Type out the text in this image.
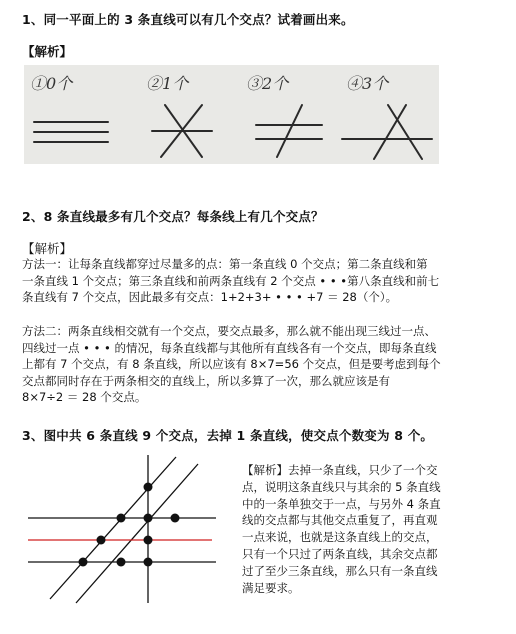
1、同一平面上的 3 条直线可以有几个交点？试着画出来。
【解析】
①0个	②1个	③2个	④3个
2、8 条直线最多有几个交点？每条线上有几个交点？
【解析】
方法一：让每条直线都穿过尽量多的点：第一条直线 0 个交点；第二条直线和第
一条直线 1 个交点；第三条直线和前两条直线有 2 个交点 • • •第八条直线和前七
条直线有 7 个交点，因此最多有交点：1+2+3+ • • • +7 ＝ 28（个）。
方法二：两条直线相交就有一个交点，要交点最多，那么就不能出现三线过一点、
四线过一点 • • • 的情况，每条直线都与其他所有直线各有一个交点，即每条直线
上都有 7 个交点，有 8 条直线，所以应该有 8×7=56 个交点，但是要考虑到每个
交点都同时存在于两条相交的直线上，所以多算了一次，那么就应该是有
8×7÷2 ＝ 28 个交点。
3、图中共 6 条直线 9 个交点，去掉 1 条直线，使交点个数变为 8 个。
【解析】去掉一条直线，只少了一个交
点，说明这条直线只与其余的 5 条直线
中的一条单独交于一点，与另外 4 条直
线的交点都与其他交点重复了，再直观
一点来说，也就是这条直线上的交点，
只有一个只过了两条直线，其余交点都
过了至少三条直线，那么只有一条直线
满足要求。
